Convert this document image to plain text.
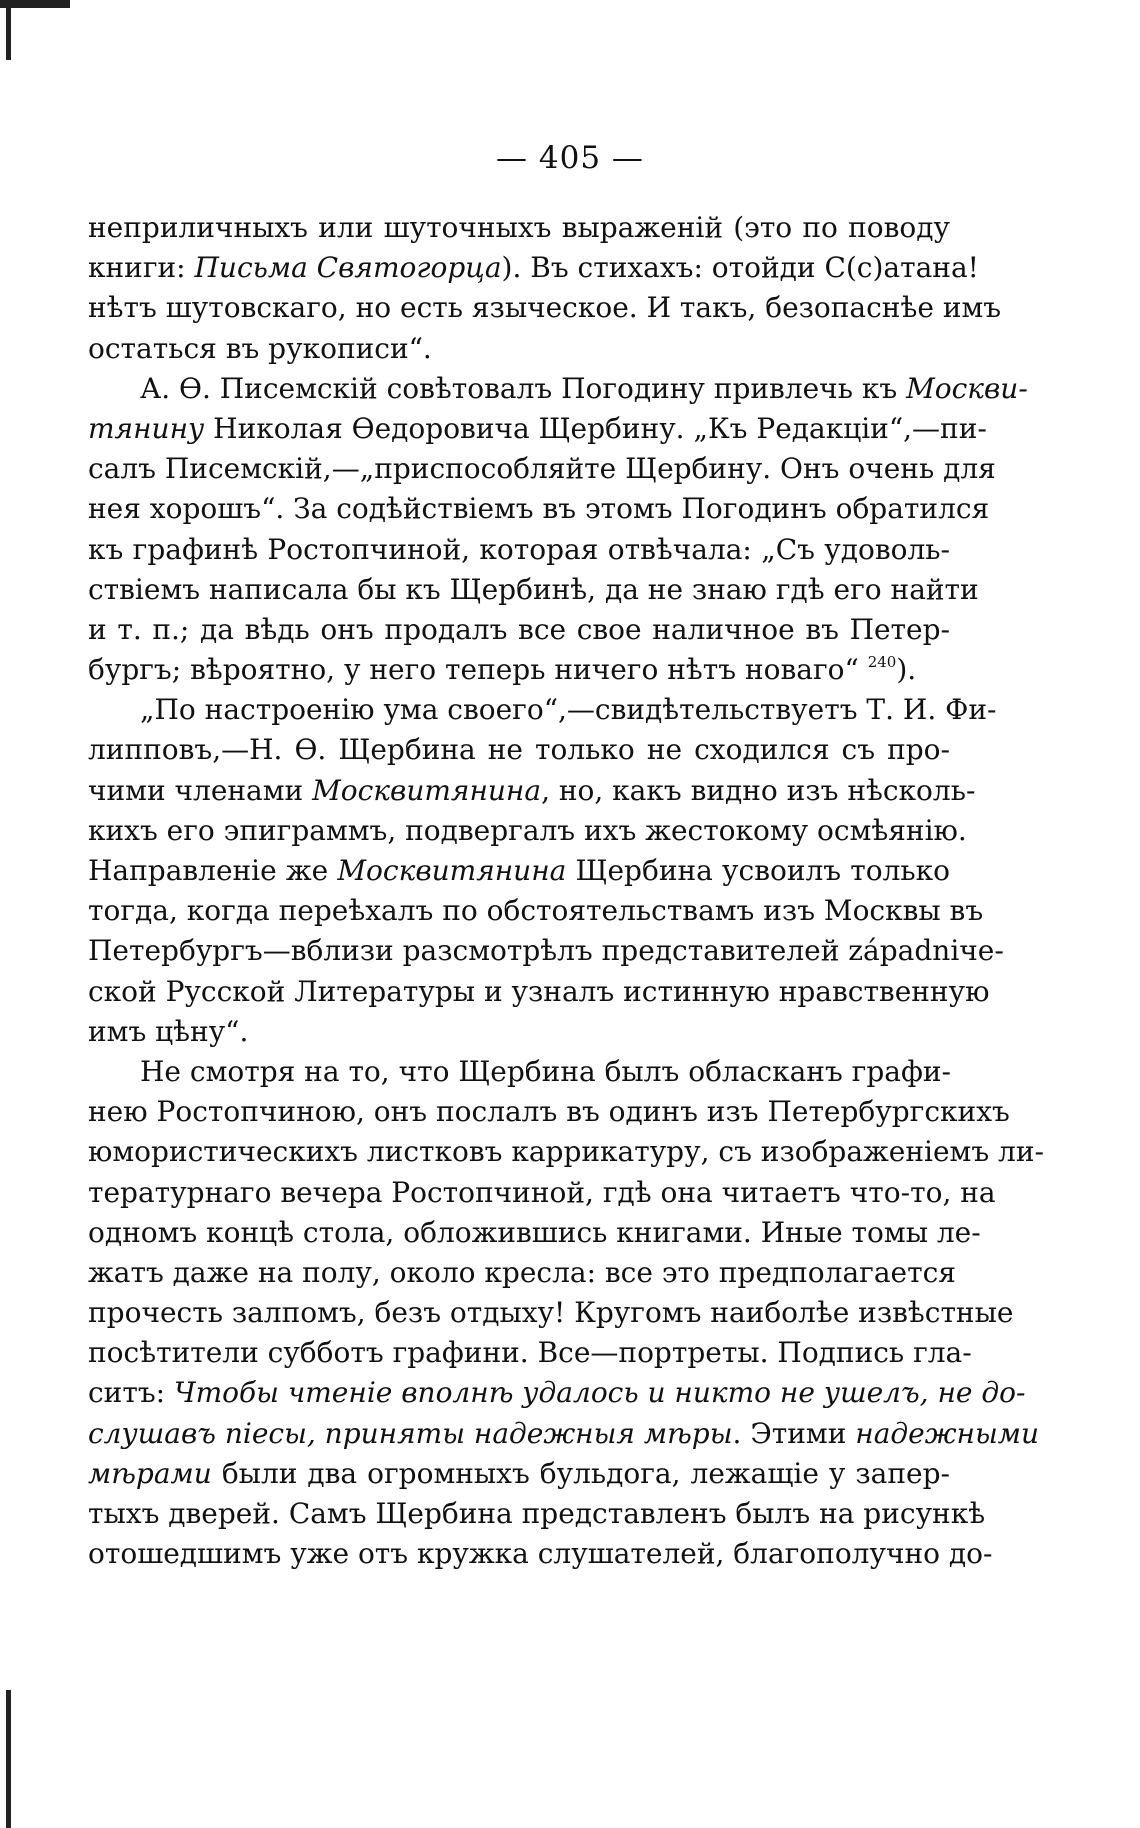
— 405 —
неприличныхъ или шуточныхъ выраженій (это по поводу
книги: Письма Святогорца). Въ стихахъ: отойди С(с)атана!
нѣтъ шутовскаго, но есть языческое. И такъ, безопаснѣе имъ
остаться въ рукописи“.
А. Ѳ. Писемскій совѣтовалъ Погодину привлечь къ Москви-
тянину Николая Ѳедоровича Щербину. „Къ Редакціи“,—пи-
салъ Писемскій,—„приспособляйте Щербину. Онъ очень для
нея хорошъ“. За содѣйствіемъ въ этомъ Погодинъ обратился
къ графинѣ Ростопчиной, которая отвѣчала: „Съ удоволь-
ствіемъ написала бы къ Щербинѣ, да не знаю гдѣ его найти
и т. п.; да вѣдь онъ продалъ все свое наличное въ Петер-
бургъ; вѣроятно, у него теперь ничего нѣтъ новаго“ $^{240}$).
„По настроенію ума своего“,—свидѣтельствуетъ Т. И. Фи-
липповъ,—Н. Ѳ. Щербина не только не сходился съ про-
чими членами Москвитянина, но, какъ видно изъ нѣсколь-
кихъ его эпиграммъ, подвергалъ ихъ жестокому осмѣянію.
Направленіе же Москвитянина Щербина усвоилъ только
тогда, когда переѣхалъ по обстоятельствамъ изъ Москвы въ
Петербургъ—вблизи разсмотрѣлъ представителей západniче-
ской Русской Литературы и узналъ истинную нравственную
имъ цѣну“.
Не смотря на то, что Щербина былъ обласканъ графи-
нею Ростопчиною, онъ послалъ въ одинъ изъ Петербургскихъ
юмористическихъ листковъ каррикатуру, съ изображеніемъ ли-
тературнаго вечера Ростопчиной, гдѣ она читаетъ что-то, на
одномъ концѣ стола, обложившись книгами. Иные томы ле-
жатъ даже на полу, около кресла: все это предполагается
прочесть залпомъ, безъ отдыху! Кругомъ наиболѣе извѣстные
посѣтители субботъ графини. Все—портреты. Подпись гла-
ситъ: Чтобы чтеніе вполнѣ удалось и никто не ушелъ, не до-
слушавъ піесы, приняты надежныя мѣры. Этими надежными
мѣрами были два огромныхъ бульдога, лежащіе у запер-
тыхъ дверей. Самъ Щербина представленъ былъ на рисункѣ
отошедшимъ уже отъ кружка слушателей, благополучно до-
